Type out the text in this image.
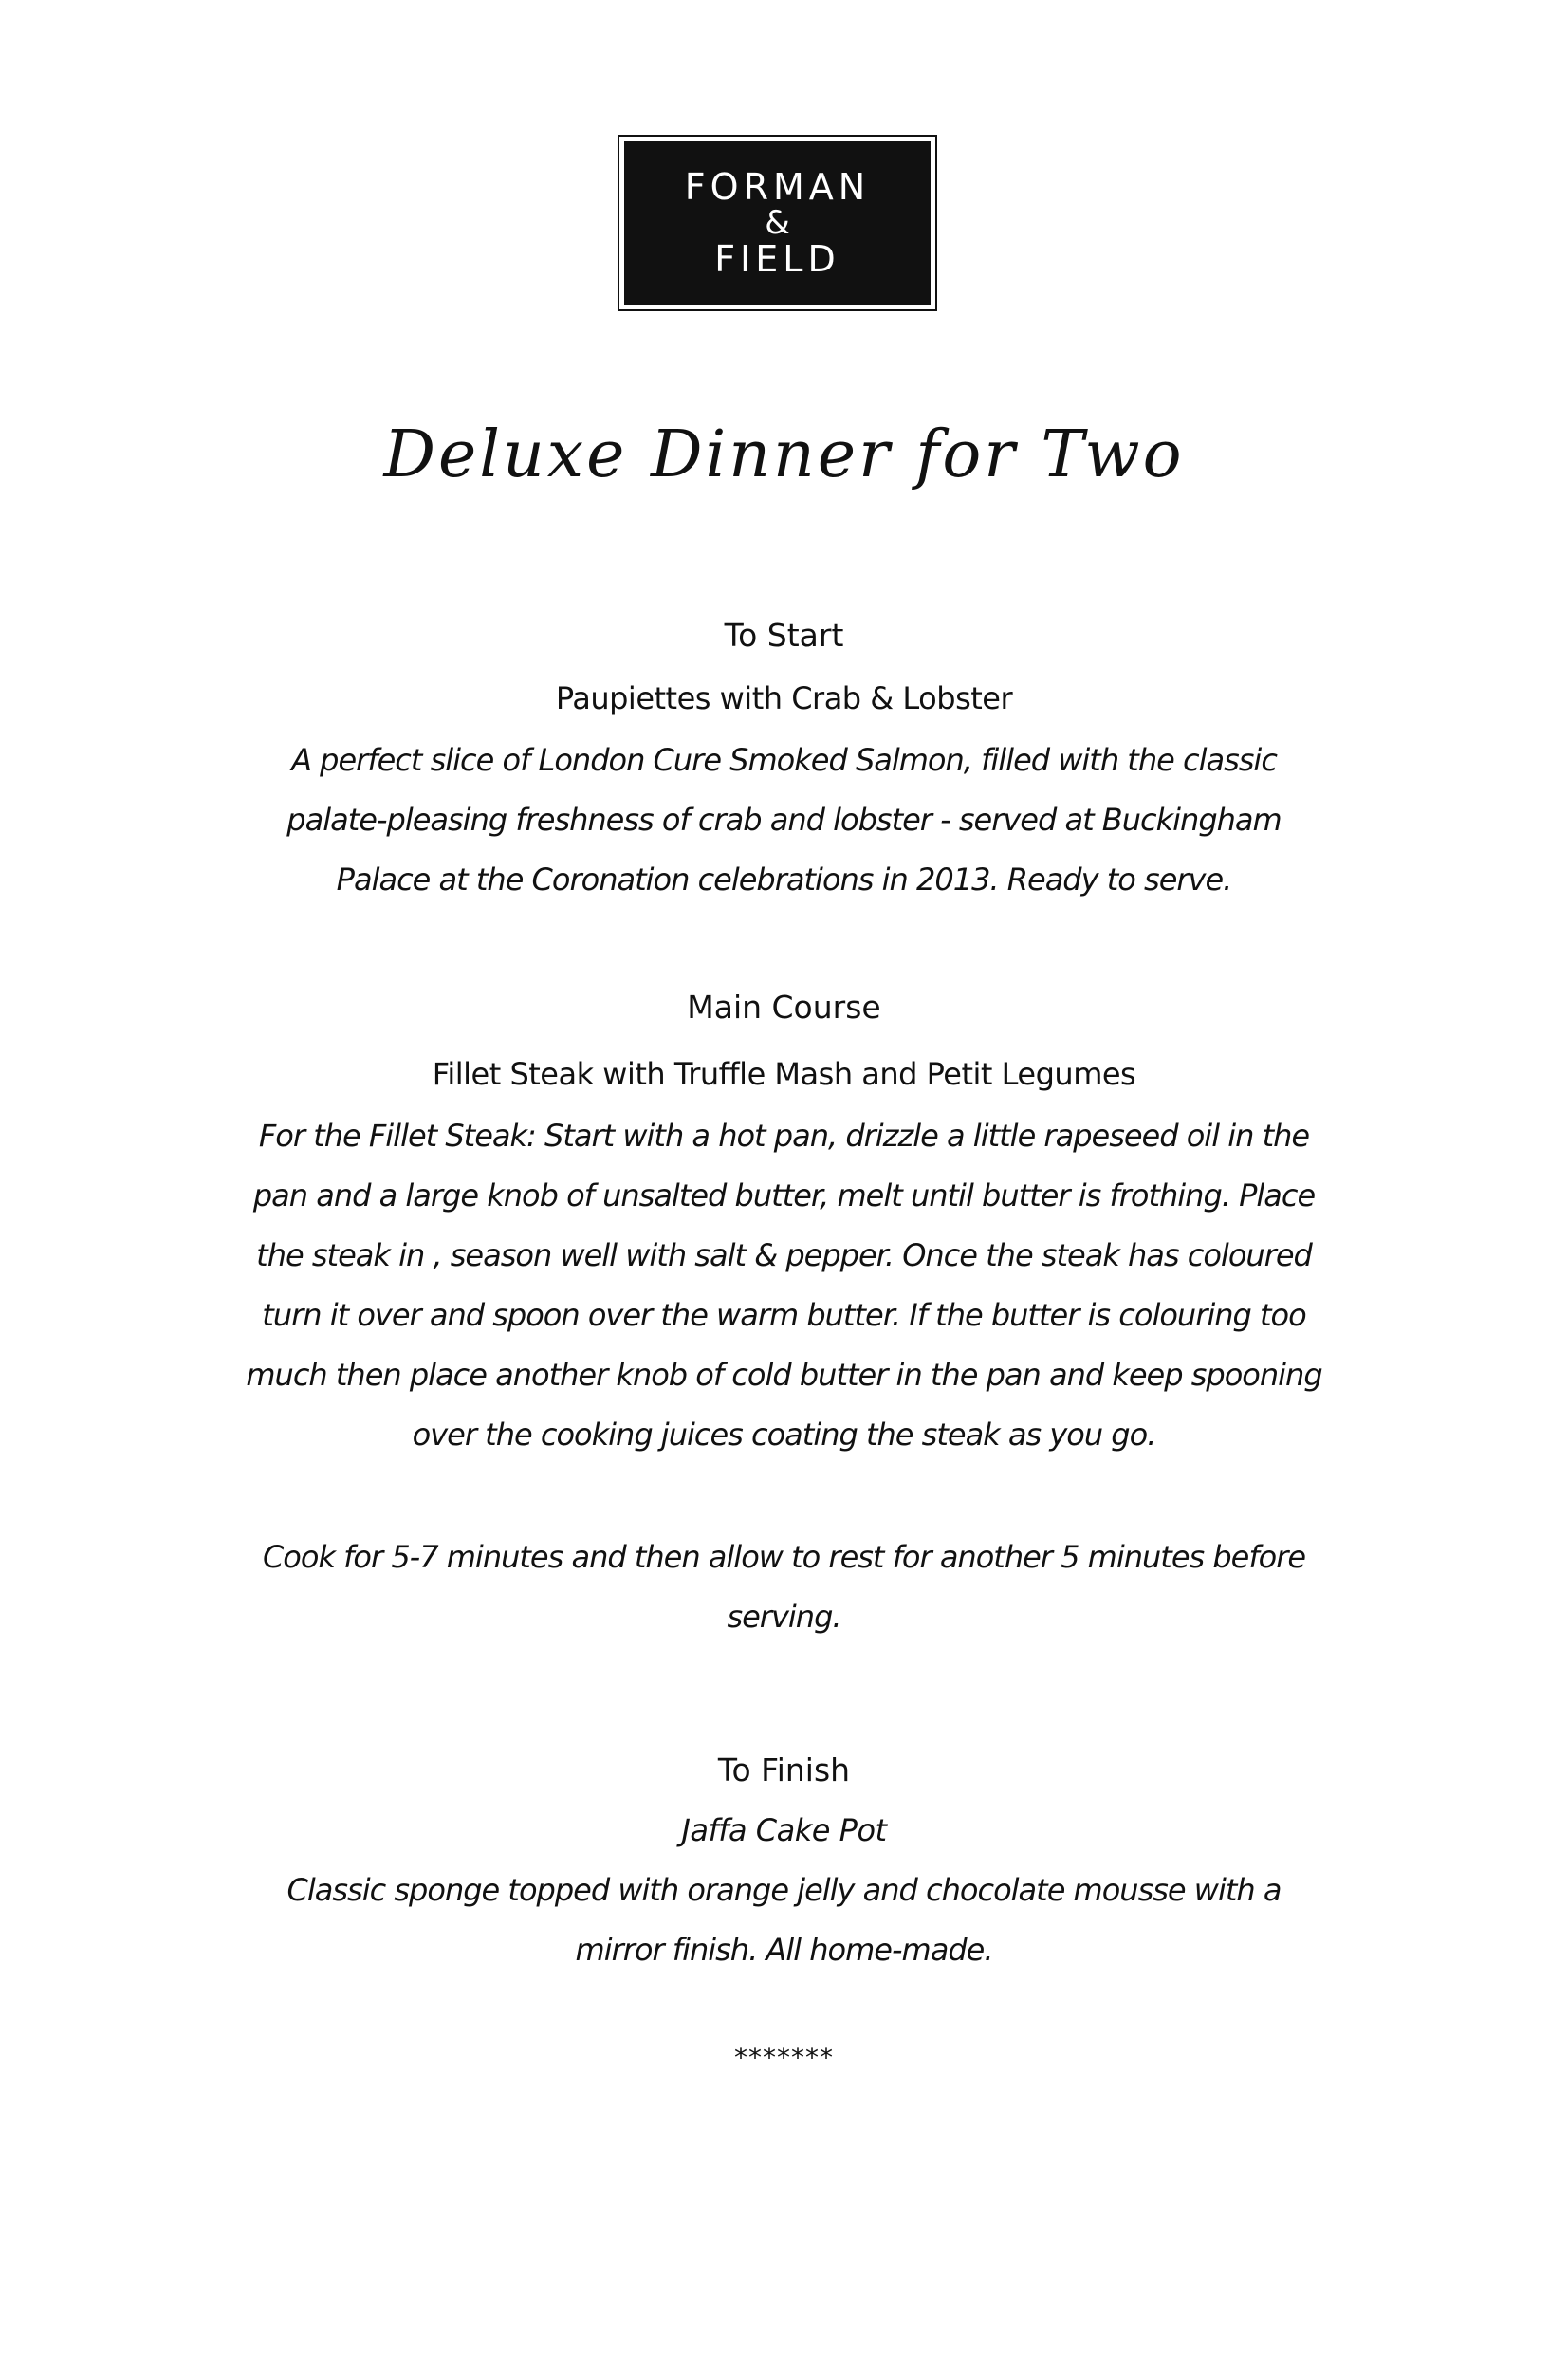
FORMAN
&
FIELD
Deluxe Dinner for Two
To Start
Paupiettes with Crab & Lobster
A perfect slice of London Cure Smoked Salmon, filled with the classic
palate-pleasing freshness of crab and lobster - served at Buckingham
Palace at the Coronation celebrations in 2013. Ready to serve.
Main Course
Fillet Steak with Truffle Mash and Petit Legumes
For the Fillet Steak: Start with a hot pan, drizzle a little rapeseed oil in the
pan and a large knob of unsalted butter, melt until butter is frothing. Place
the steak in , season well with salt & pepper. Once the steak has coloured
turn it over and spoon over the warm butter. If the butter is colouring too
much then place another knob of cold butter in the pan and keep spooning
over the cooking juices coating the steak as you go.
Cook for 5-7 minutes and then allow to rest for another 5 minutes before
serving.
To Finish
Jaffa Cake Pot
Classic sponge topped with orange jelly and chocolate mousse with a
mirror finish. All home-made.
*******
